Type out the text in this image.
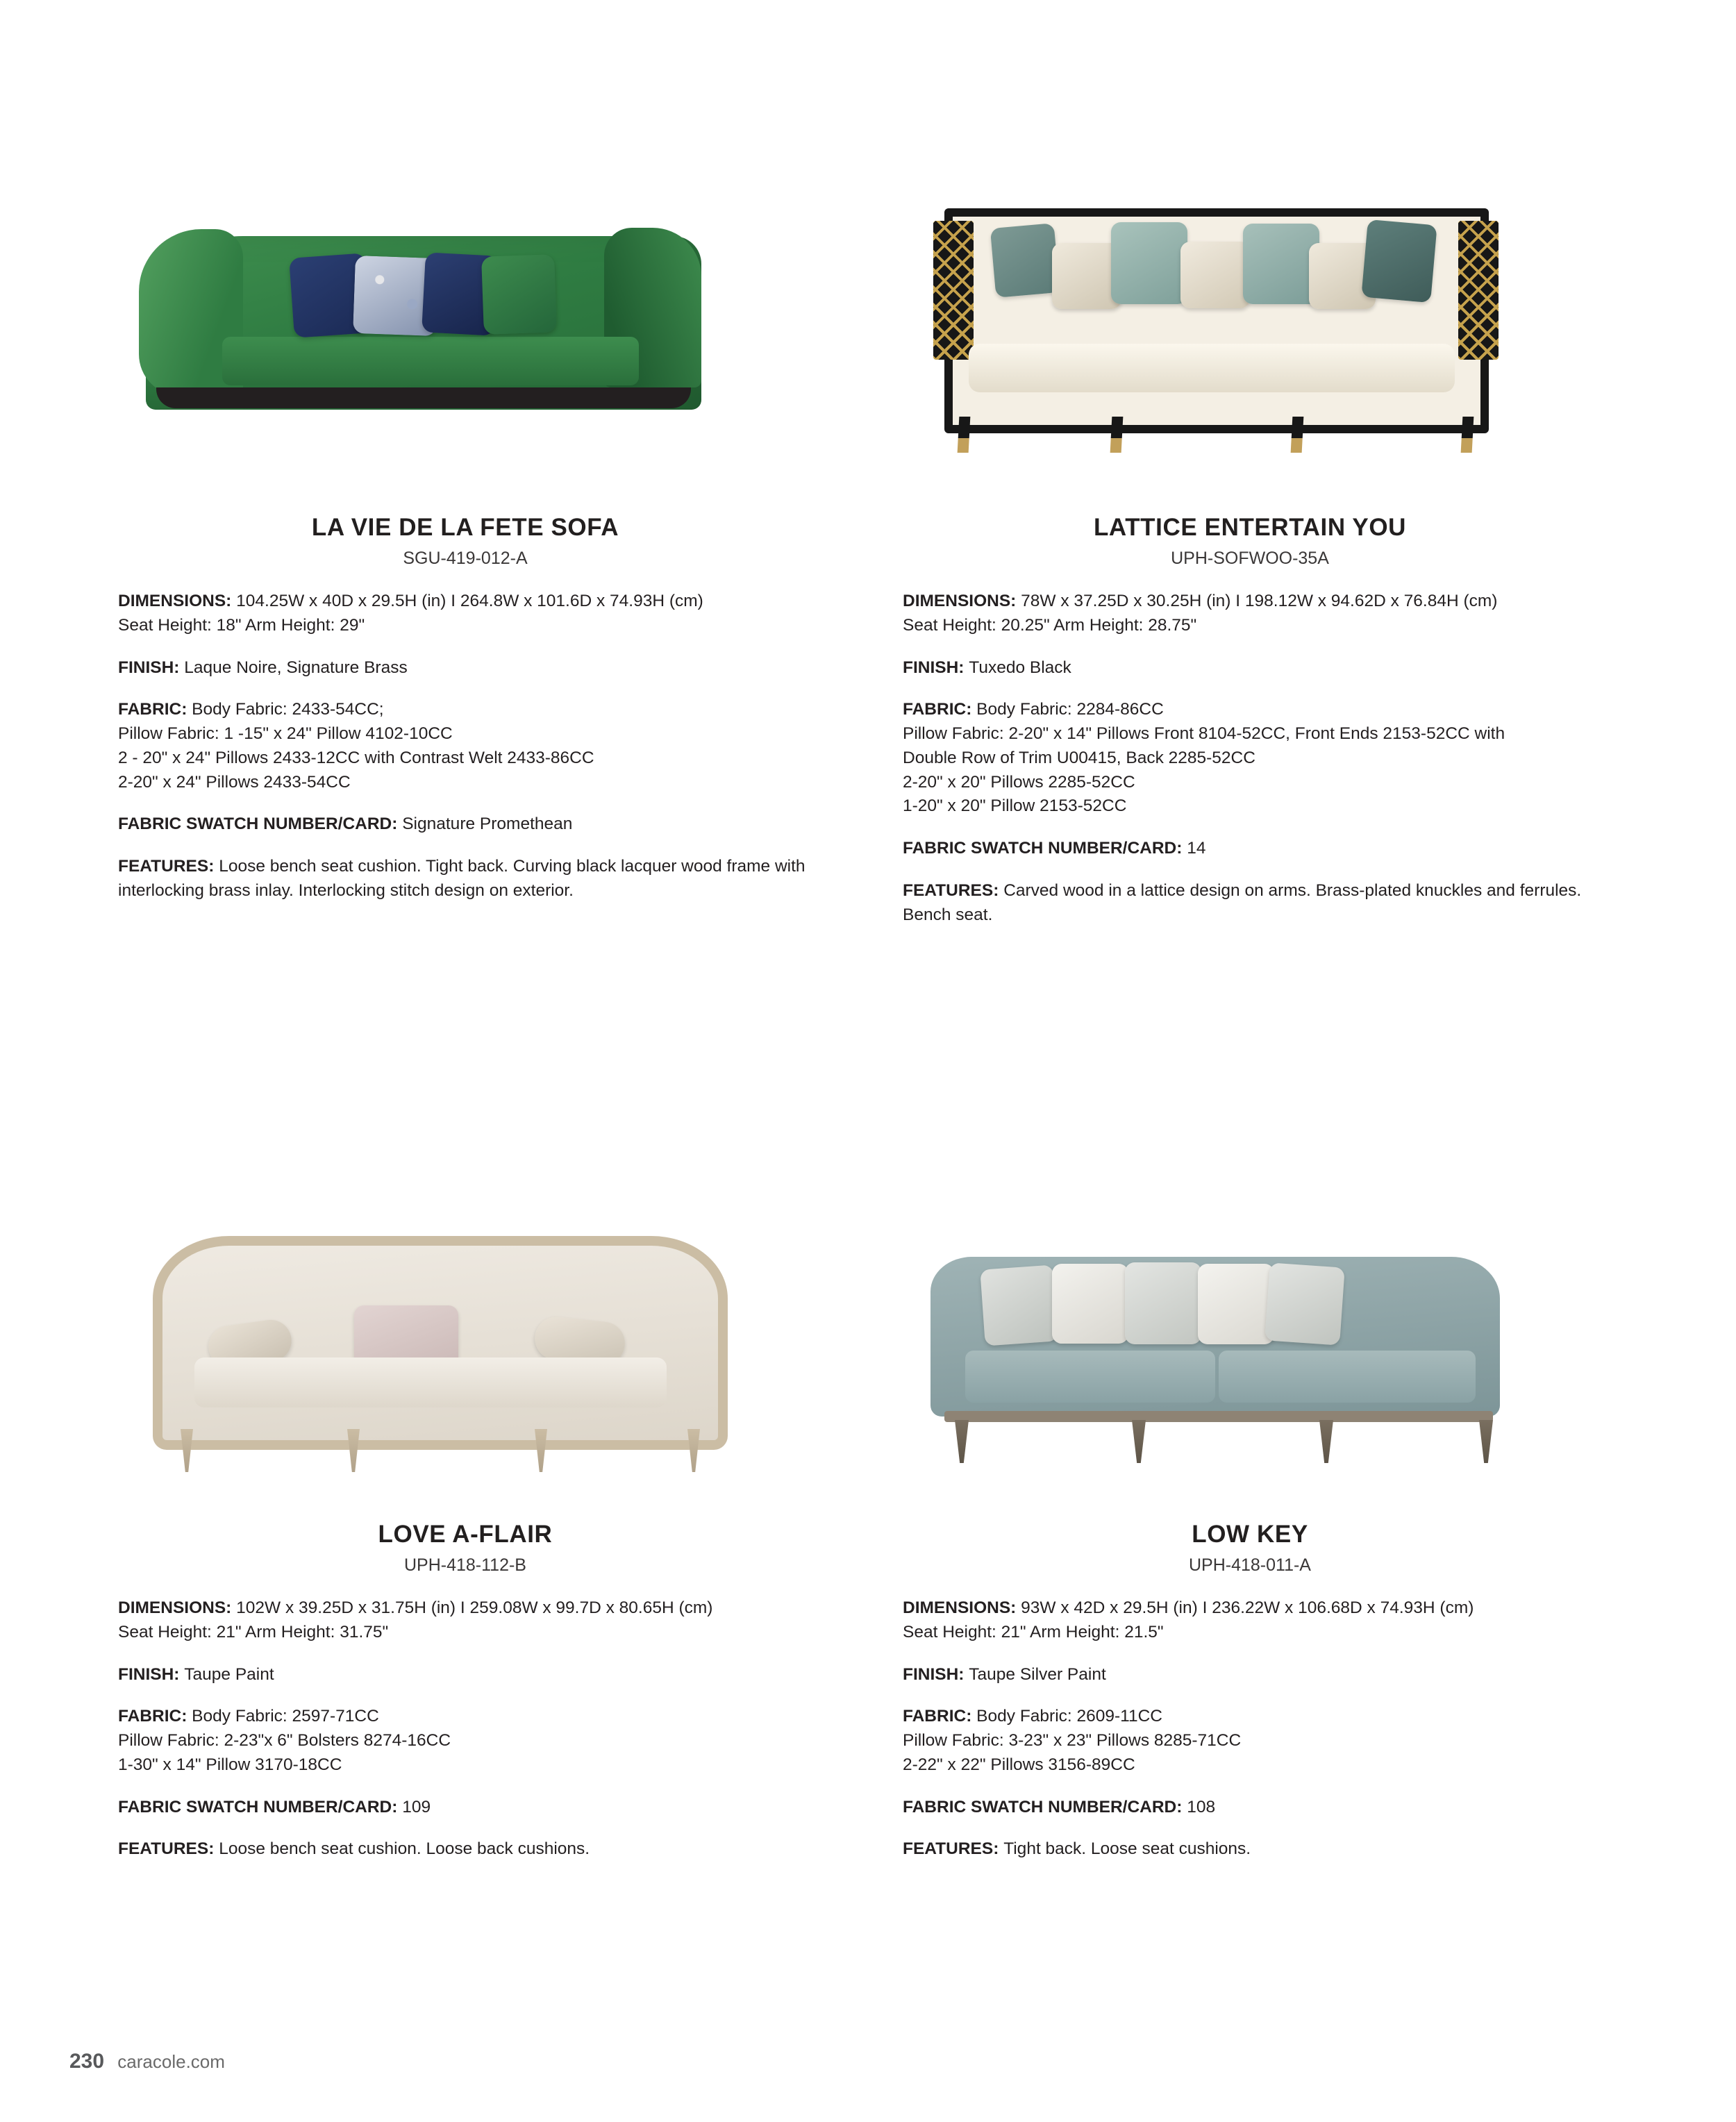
LA VIE DE LA FETE SOFA
SGU-419-012-A

DIMENSIONS: 104.25W x 40D x 29.5H (in) I 264.8W x 101.6D x 74.93H (cm)
Seat Height: 18" Arm Height: 29"

FINISH: Laque Noire, Signature Brass

FABRIC: Body Fabric: 2433-54CC;
Pillow Fabric: 1 -15" x 24" Pillow 4102-10CC
2 - 20" x 24" Pillows 2433-12CC with Contrast Welt 2433-86CC
2-20" x 24" Pillows 2433-54CC

FABRIC SWATCH NUMBER/CARD: Signature Promethean

FEATURES: Loose bench seat cushion. Tight back. Curving black lacquer wood frame with interlocking brass inlay. Interlocking stitch design on exterior.

LATTICE ENTERTAIN YOU
UPH-SOFWOO-35A

DIMENSIONS: 78W x 37.25D x 30.25H (in) I 198.12W x 94.62D x 76.84H (cm)
Seat Height: 20.25" Arm Height: 28.75"

FINISH: Tuxedo Black

FABRIC: Body Fabric: 2284-86CC
Pillow Fabric: 2-20" x 14" Pillows Front 8104-52CC, Front Ends 2153-52CC with
Double Row of Trim U00415, Back 2285-52CC
2-20" x 20" Pillows 2285-52CC
1-20" x 20" Pillow 2153-52CC

FABRIC SWATCH NUMBER/CARD: 14

FEATURES: Carved wood in a lattice design on arms. Brass-plated knuckles and ferrules. Bench seat.

LOVE A-FLAIR
UPH-418-112-B

DIMENSIONS: 102W x 39.25D x 31.75H (in) I 259.08W x 99.7D x 80.65H (cm)
Seat Height: 21" Arm Height: 31.75"

FINISH: Taupe Paint

FABRIC: Body Fabric: 2597-71CC
Pillow Fabric: 2-23"x 6" Bolsters 8274-16CC
1-30" x 14" Pillow 3170-18CC

FABRIC SWATCH NUMBER/CARD: 109

FEATURES: Loose bench seat cushion. Loose back cushions.

LOW KEY
UPH-418-011-A

DIMENSIONS: 93W x 42D x 29.5H (in) I 236.22W x 106.68D x 74.93H (cm)
Seat Height: 21" Arm Height: 21.5"

FINISH: Taupe Silver Paint

FABRIC: Body Fabric: 2609-11CC
Pillow Fabric: 3-23" x 23" Pillows 8285-71CC
2-22" x 22" Pillows 3156-89CC

FABRIC SWATCH NUMBER/CARD: 108

FEATURES: Tight back. Loose seat cushions.

230 caracole.com
